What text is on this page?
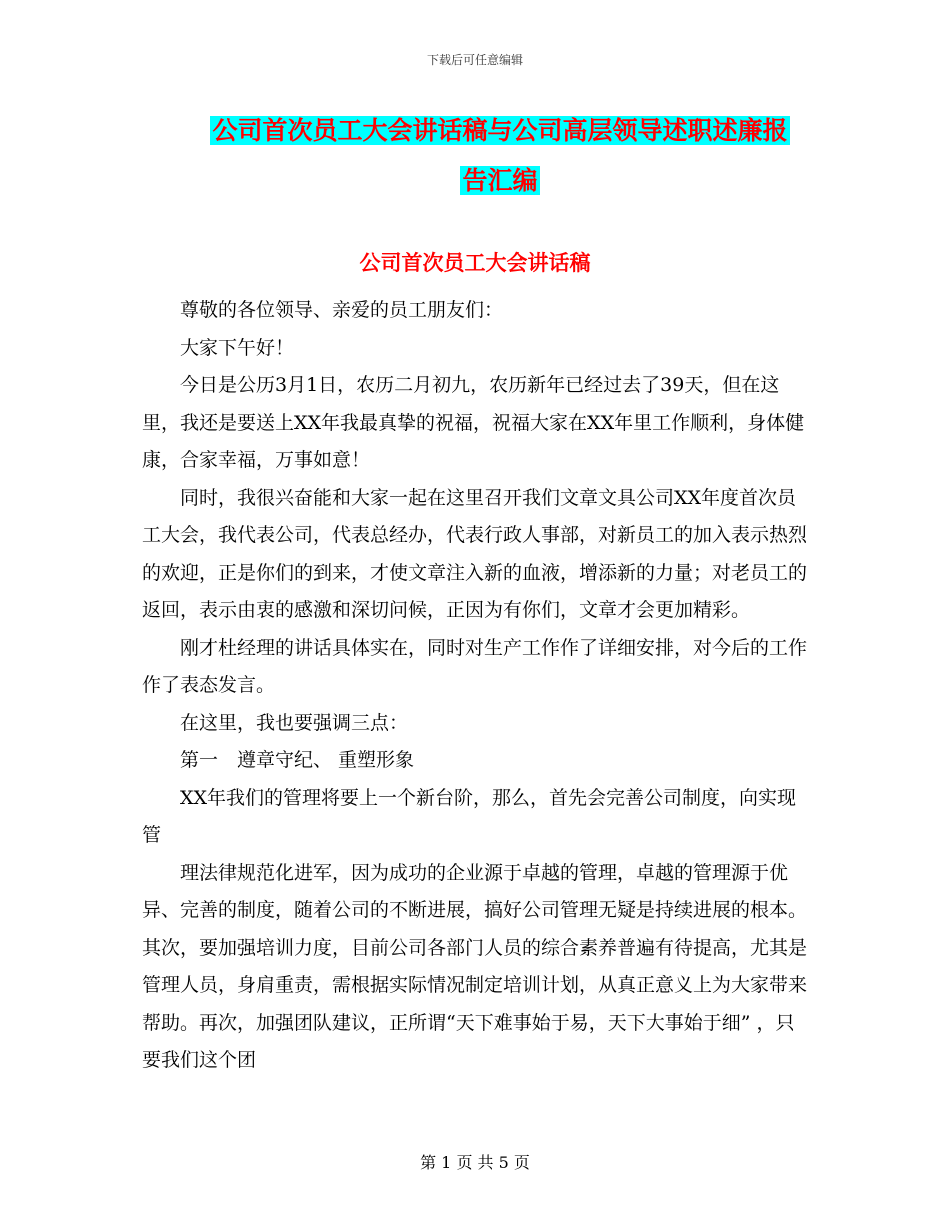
下载后可任意编辑
公司首次员工大会讲话稿与公司高层领导述职述廉报
告汇编
公司首次员工大会讲话稿

尊敬的各位领导、亲爱的员工朋友们：

大家下午好！

今日是公历3月1日，农历二月初九，农历新年已经过去了39天，但在这里，我还是要送上XX年我最真挚的祝福，祝福大家在XX年里工作顺利，身体健康，合家幸福，万事如意！

同时，我很兴奋能和大家一起在这里召开我们文章文具公司XX年度首次员工大会，我代表公司，代表总经办，代表行政人事部，对新员工的加入表示热烈的欢迎，正是你们的到来，才使文章注入新的血液，增添新的力量；对老员工的返回，表示由衷的感激和深切问候，正因为有你们，文章才会更加精彩。

刚才杜经理的讲话具体实在，同时对生产工作作了详细安排，对今后的工作作了表态发言。

在这里，我也要强调三点：

第一　遵章守纪、 重塑形象

XX年我们的管理将要上一个新台阶，那么，首先会完善公司制度，向实现管

理法律规范化进军，因为成功的企业源于卓越的管理，卓越的管理源于优异、完善的制度，随着公司的不断进展，搞好公司管理无疑是持续进展的根本。其次，要加强培训力度，目前公司各部门人员的综合素养普遍有待提高，尤其是管理人员，身肩重责，需根据实际情况制定培训计划，从真正意义上为大家带来帮助。再次，加强团队建议，正所谓“天下难事始于易，天下大事始于细” ，只要我们这个团

第 1 页 共 5 页
